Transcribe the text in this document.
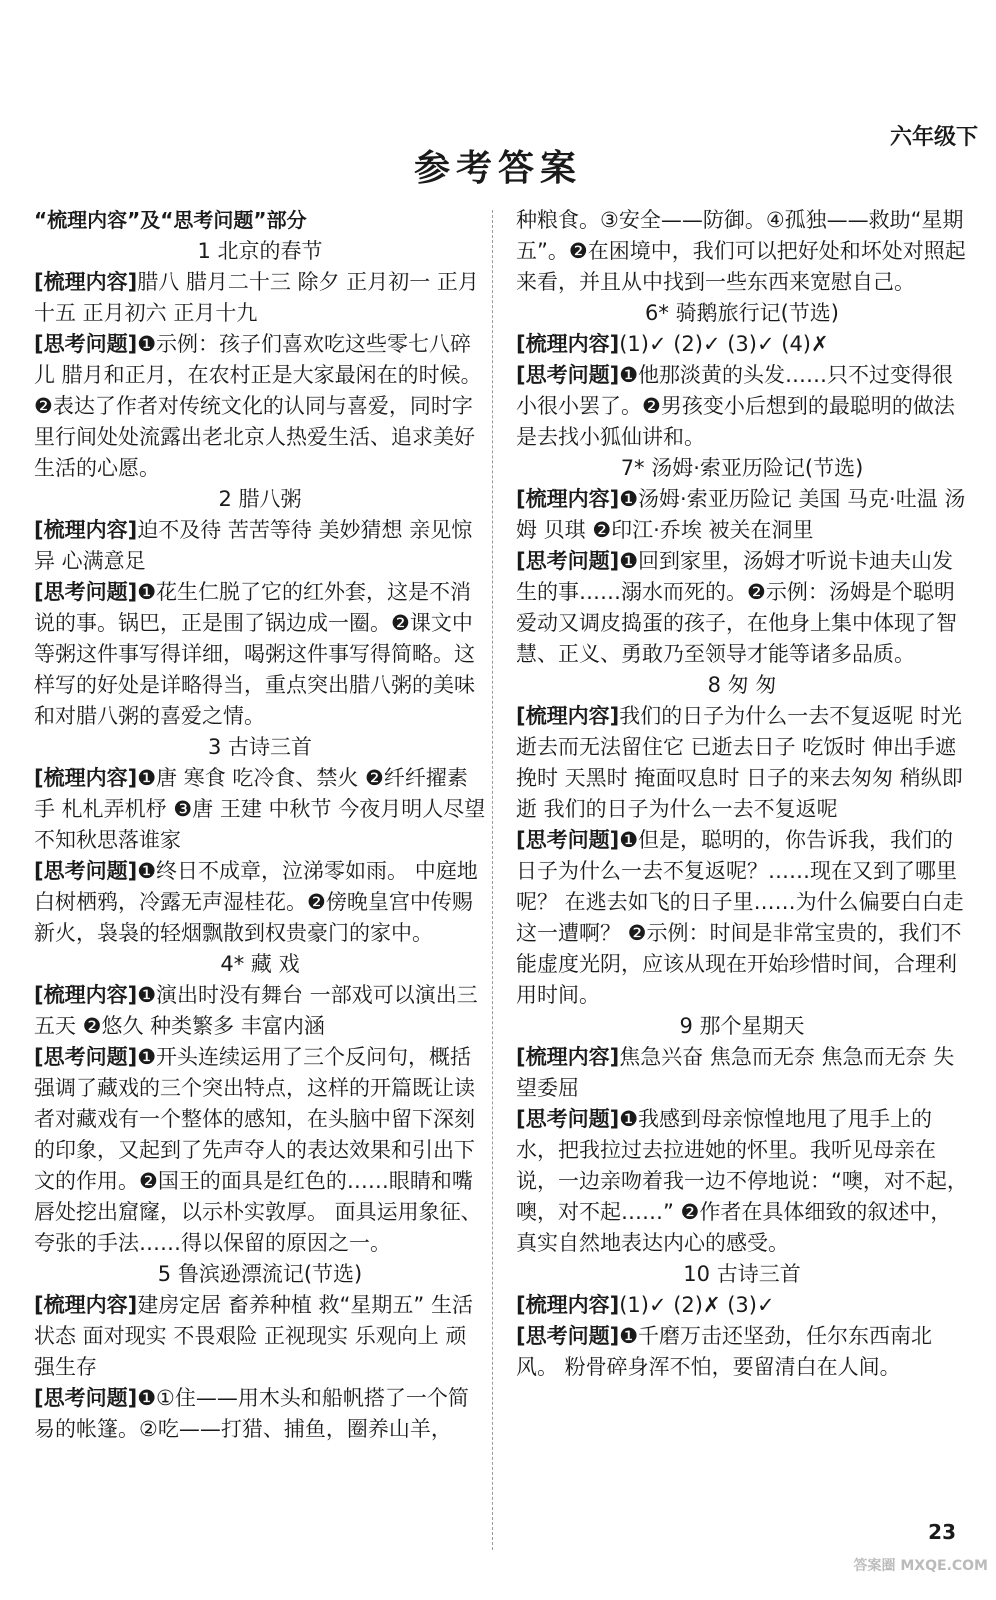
六年级下
参考答案
“梳理内容”及“思考问题”部分
1 北京的春节

[梳理内容]腊八 腊月二十三 除夕 正月初一 正月十五 正月初六 正月十九

[思考问题]❶示例：孩子们喜欢吃这些零七八碎儿 腊月和正月，在农村正是大家最闲在的时候。❷表达了作者对传统文化的认同与喜爱，同时字里行间处处流露出老北京人热爱生活、追求美好生活的心愿。

2 腊八粥

[梳理内容]迫不及待 苦苦等待 美妙猜想 亲见惊异 心满意足

[思考问题]❶花生仁脱了它的红外套，这是不消说的事。锅巴，正是围了锅边成一圈。❷课文中等粥这件事写得详细，喝粥这件事写得简略。这样写的好处是详略得当，重点突出腊八粥的美味和对腊八粥的喜爱之情。

3 古诗三首

[梳理内容]❶唐 寒食 吃冷食、禁火 ❷纤纤擢素手 札札弄机杼 ❸唐 王建 中秋节 今夜月明人尽望 不知秋思落谁家

[思考问题]❶终日不成章，泣涕零如雨。 中庭地白树栖鸦，冷露无声湿桂花。❷傍晚皇宫中传赐新火，袅袅的轻烟飘散到权贵豪门的家中。

4* 藏 戏

[梳理内容]❶演出时没有舞台 一部戏可以演出三五天 ❷悠久 种类繁多 丰富内涵

[思考问题]❶开头连续运用了三个反问句，概括强调了藏戏的三个突出特点，这样的开篇既让读者对藏戏有一个整体的感知，在头脑中留下深刻的印象，又起到了先声夺人的表达效果和引出下文的作用。❷国王的面具是红色的……眼睛和嘴唇处挖出窟窿，以示朴实敦厚。 面具运用象征、夸张的手法……得以保留的原因之一。

5 鲁滨逊漂流记(节选)

[梳理内容]建房定居 畜养种植 救“星期五” 生活状态 面对现实 不畏艰险 正视现实 乐观向上 顽强生存

[思考问题]❶①住——用木头和船帆搭了一个简易的帐篷。②吃——打猎、捕鱼，圈养山羊，

种粮食。③安全——防御。④孤独——救助“星期五”。❷在困境中，我们可以把好处和坏处对照起来看，并且从中找到一些东西来宽慰自己。

6* 骑鹅旅行记(节选)

[梳理内容](1)✓ (2)✓ (3)✓ (4)✗

[思考问题]❶他那淡黄的头发……只不过变得很小很小罢了。❷男孩变小后想到的最聪明的做法是去找小狐仙讲和。

7* 汤姆·索亚历险记(节选)

[梳理内容]❶汤姆·索亚历险记 美国 马克·吐温 汤姆 贝琪 ❷印江·乔埃 被关在洞里

[思考问题]❶回到家里，汤姆才听说卡迪夫山发生的事……溺水而死的。❷示例：汤姆是个聪明爱动又调皮捣蛋的孩子，在他身上集中体现了智慧、正义、勇敢乃至领导才能等诸多品质。

8 匆 匆

[梳理内容]我们的日子为什么一去不复返呢 时光逝去而无法留住它 已逝去日子 吃饭时 伸出手遮挽时 天黑时 掩面叹息时 日子的来去匆匆 稍纵即逝 我们的日子为什么一去不复返呢

[思考问题]❶但是，聪明的，你告诉我，我们的日子为什么一去不复返呢？……现在又到了哪里呢？ 在逃去如飞的日子里……为什么偏要白白走这一遭啊？ ❷示例：时间是非常宝贵的，我们不能虚度光阴，应该从现在开始珍惜时间，合理利用时间。

9 那个星期天

[梳理内容]焦急兴奋 焦急而无奈 焦急而无奈 失望委屈

[思考问题]❶我感到母亲惊惶地甩了甩手上的水，把我拉过去拉进她的怀里。我听见母亲在说，一边亲吻着我一边不停地说：“噢，对不起，噢，对不起……” ❷作者在具体细致的叙述中，真实自然地表达内心的感受。

10 古诗三首

[梳理内容](1)✓ (2)✗ (3)✓

[思考问题]❶千磨万击还坚劲，任尔东西南北风。 粉骨碎身浑不怕，要留清白在人间。

23
答案圈 MXQE.COM
